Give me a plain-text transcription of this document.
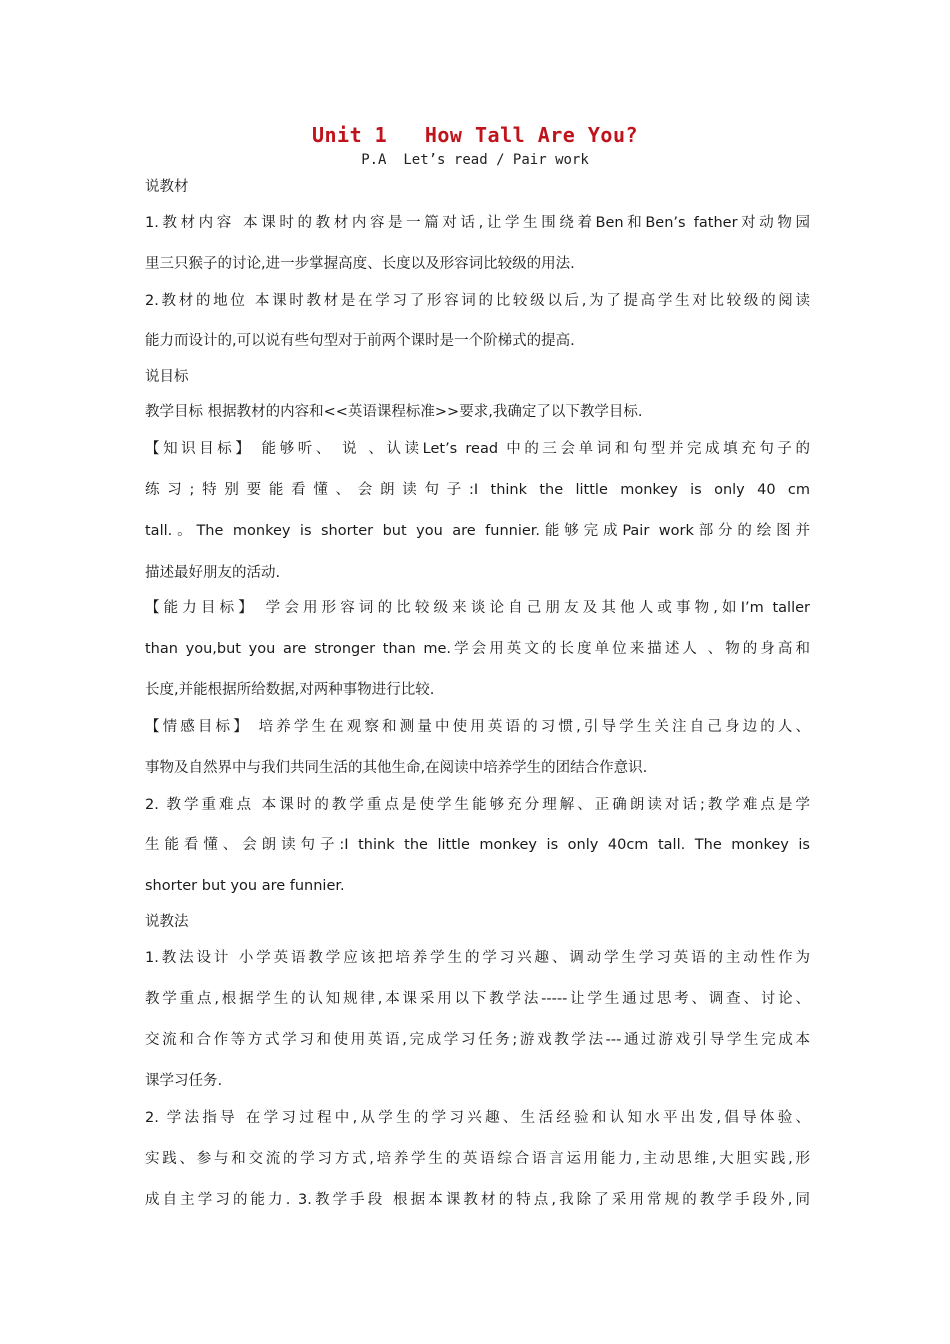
Unit 1   How Tall Are You?
P.A  Let’s read / Pair work
说教材
1.教材内容 本课时的教材内容是一篇对话,让学生围绕着Ben和Ben’s father对动物园
里三只猴子的讨论,进一步掌握高度、长度以及形容词比较级的用法.
2.教材的地位 本课时教材是在学习了形容词的比较级以后,为了提高学生对比较级的阅读
能力而设计的,可以说有些句型对于前两个课时是一个阶梯式的提高.
说目标
教学目标 根据教材的内容和<<英语课程标准>>要求,我确定了以下教学目标.
【知识目标】 能够听、 说 、认读Let’s read 中的三会单词和句型并完成填充句子的
练习;特别要能看懂、会朗读句子:I think the little monkey is only 40 cm
tall.。The monkey is shorter but you are funnier.能够完成Pair work部分的绘图并
描述最好朋友的活动.
【能力目标】 学会用形容词的比较级来谈论自己朋友及其他人或事物,如I’m taller
than you,but you are stronger than me.学会用英文的长度单位来描述人 、物的身高和
长度,并能根据所给数据,对两种事物进行比较.
【情感目标】 培养学生在观察和测量中使用英语的习惯,引导学生关注自己身边的人、
事物及自然界中与我们共同生活的其他生命,在阅读中培养学生的团结合作意识.
2. 教学重难点 本课时的教学重点是使学生能够充分理解、正确朗读对话;教学难点是学
生能看懂、会朗读句子:I think the little monkey is only 40cm tall. The monkey is
shorter but you are funnier.
说教法
1.教法设计 小学英语教学应该把培养学生的学习兴趣、调动学生学习英语的主动性作为
教学重点,根据学生的认知规律,本课采用以下教学法-----让学生通过思考、调查、讨论、
交流和合作等方式学习和使用英语,完成学习任务;游戏教学法---通过游戏引导学生完成本
课学习任务.
2. 学法指导 在学习过程中,从学生的学习兴趣、生活经验和认知水平出发,倡导体验、
实践、参与和交流的学习方式,培养学生的英语综合语言运用能力,主动思维,大胆实践,形
成自主学习的能力. 3.教学手段 根据本课教材的特点,我除了采用常规的教学手段外,同
